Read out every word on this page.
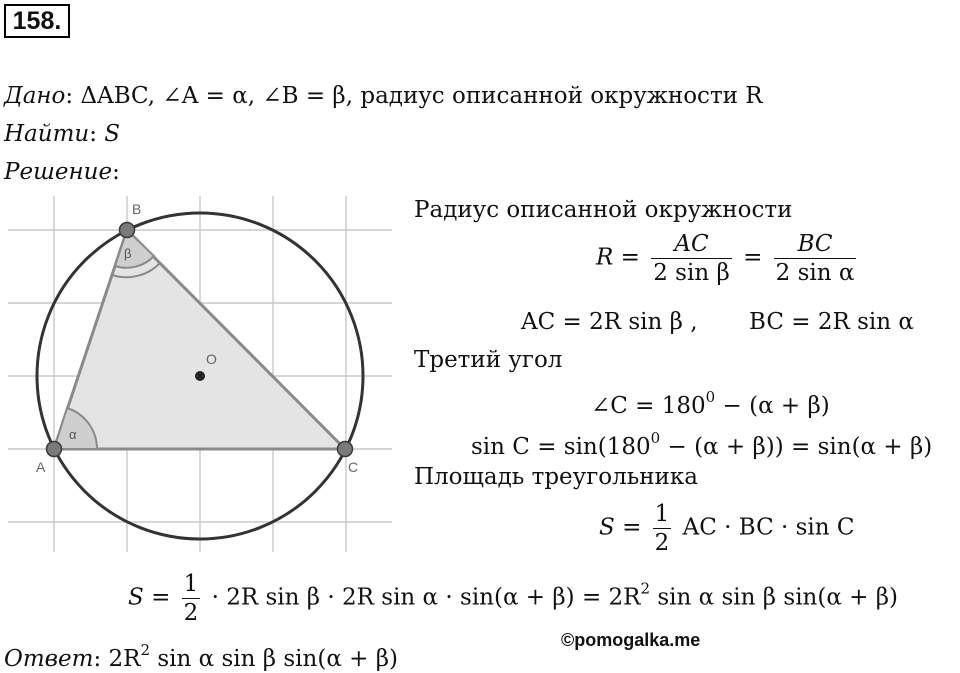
158.
Дано: ΔABC, ∠A = α, ∠B = β, радиус описанной окружности R
Найти: S
Решение:
A
B
C
O
α
β
Радиус описанной окружности
$R = \frac{AC}{\text{2 sin β}} = \frac{BC}{\text{2 sin α}}$
AC = 2R sin β , BC = 2R sin α
Третий угол
∠C = $180^0 - (\alpha + \beta)$
$\sin C = \sin(180^0 - (\alpha + \beta)) = \sin(\alpha + \beta)$
Площадь треугольника
$S = \frac{1}{2}$ AC · BC · sin C
$S = \frac{1}{2} \cdot 2R$ sin β · 2R $\sin \alpha \cdot \sin(\alpha + \beta) = 2R^2$ sin α sin β sin(α + β)
Ответ: $2R^2$ sin α sin β sin(α + β)
©pomogalka.me
